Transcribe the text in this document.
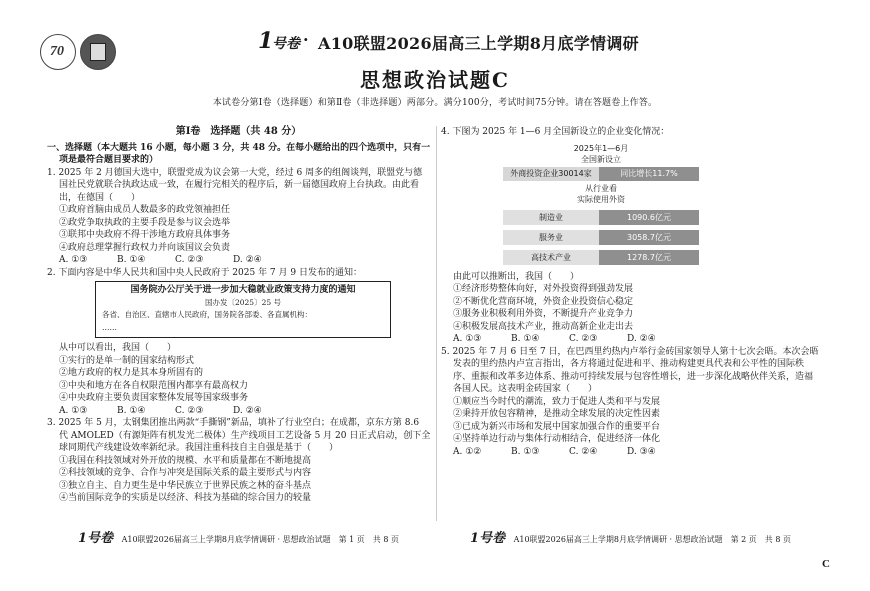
70	1
号卷 · A10联盟2026届高三上学期8月底学情调研
思想政治试题C
本试卷分第Ⅰ卷（选择题）和第Ⅱ卷（非选择题）两部分。满分100分，考试时间75分钟。请在答题卷上作答。
第Ⅰ卷　选择题（共 48 分）
一、选择题（本大题共 16 小题，每小题 3 分，共 48 分。在每小题给出的四个选项中，只有一
项是最符合题目要求的）
1. 2025 年 2 月德国大选中，联盟党成为议会第一大党，经过 6 周多的组阁谈判，联盟党与德
国社民党就联合执政达成一致，在履行完相关的程序后，新一届德国政府上台执政。由此看
出，在德国（　　）
①政府首脑由成员人数最多的政党领袖担任
②政党争取执政的主要手段是参与议会选举
③联邦中央政府不得干涉地方政府具体事务
④政府总理掌握行政权力并向该国议会负责
A. ①③	B. ①④	C. ②③	D. ②④
2. 下面内容是中华人民共和国中央人民政府于 2025 年 7 月 9 日发布的通知：
国务院办公厅关于进一步加大稳就业政策支持力度的通知
国办发〔2025〕25 号
各省、自治区、直辖市人民政府，国务院各部委、各直属机构：
……
从中可以看出，我国（　　）
①实行的是单一制的国家结构形式
②地方政府的权力是其本身所固有的
③中央和地方在各自权限范围内都享有最高权力
④中央政府主要负责国家整体发展等国家级事务
A. ①③	B. ①④	C. ②③	D. ②④
3. 2025 年 5 月，太钢集团推出两款“手撕钢”新品，填补了行业空白；在成都，京东方第 8.6
代 AMOLED（有源矩阵有机发光二极体）生产线项目工艺设备 5 月 20 日正式启动，创下全
球同期代产线建设效率新纪录。我国注重科技自主自强是基于（　　）
①我国在科技领域对外开放的规模、水平和质量都在不断地提高
②科技领域的竞争、合作与冲突是国际关系的最主要形式与内容
③独立自主、自力更生是中华民族立于世界民族之林的奋斗基点
④当前国际竞争的实质是以经济、科技为基础的综合国力的较量
4. 下图为 2025 年 1—6 月全国新设立的企业变化情况：
2025年1—6月
全国新设立
外商投资企业30014家	同比增长11.7%
从行业看
实际使用外资
制造业	1090.6亿元
服务业	3058.7亿元
高技术产业	1278.7亿元
由此可以推断出，我国（　　）
①经济形势整体向好，对外投资得到强劲发展
②不断优化营商环境，外资企业投资信心稳定
③服务业积极利用外资，不断提升产业竞争力
④积极发展高技术产业，推动高新企业走出去
A. ①③	B. ①④	C. ②③	D. ②④
5. 2025 年 7 月 6 日至 7 日，在巴西里约热内卢举行金砖国家领导人第十七次会晤。本次会晤
发表的里约热内卢宣言指出，各方将通过促进和平、推动构建更具代表和公平性的国际秩
序、重振和改革多边体系、推动可持续发展与包容性增长，进一步深化战略伙伴关系，造福
各国人民。这表明金砖国家（　　）
①顺应当今时代的潮流，致力于促进人类和平与发展
②秉持开放包容精神，是推动全球发展的决定性因素
③已成为新兴市场和发展中国家加强合作的重要平台
④坚持单边行动与集体行动相结合，促进经济一体化
A. ①②	B. ①③	C. ②④	D. ③④
1号卷 A10联盟2026届高三上学期8月底学情调研 · 思想政治试题　第 1 页　共 8 页	1号卷 A10联盟2026届高三上学期8月底学情调研 · 思想政治试题　第 2 页　共 8 页
C
